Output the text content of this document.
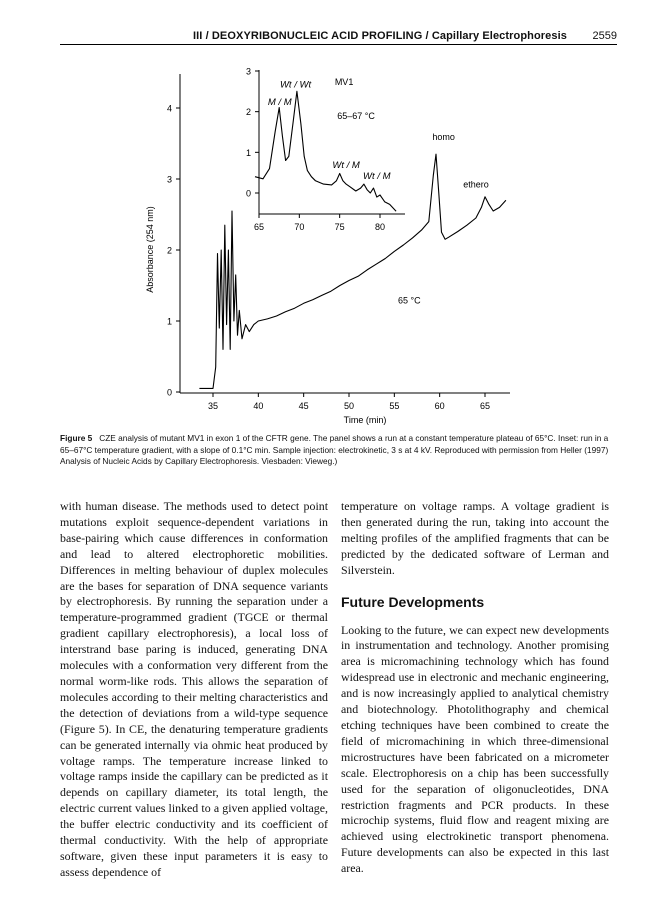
III / DEOXYRIBONUCLEIC ACID PROFILING / Capillary Electrophoresis 2559
0
1
2
3
4
35	40	45	50	55	60	65
Time (min)
Absorbance (254 nm)
homo
ethero
65 °C
0
1
2
3
65	70	75	80
Wt / Wt
M / M
MV1
65–67 °C
Wt / M
Wt / M
Figure 5 CZE analysis of mutant MV1 in exon 1 of the CFTR gene. The panel shows a run at a constant temperature plateau of 65°C. Inset: run in a 65–67°C temperature gradient, with a slope of 0.1°C min. Sample injection: electrokinetic, 3 s at 4 kV. Reproduced with permission from Heller (1997) Analysis of Nucleic Acids by Capillary Electrophoresis. Viesbaden: Vieweg.)

with human disease. The methods used to detect point mutations exploit sequence-dependent variations in base-pairing which cause differences in conformation and lead to altered electrophoretic mobilities. Differences in melting behaviour of duplex molecules are the bases for separation of DNA sequence variants by electrophoresis. By running the separation under a temperature-programmed gradient (TGCE or thermal gradient capillary electrophoresis), a local loss of interstrand base paring is induced, generating DNA molecules with a conformation very different from the normal worm-like rods. This allows the separation of molecules according to their melting characteristics and the detection of deviations from a wild-type sequence (Figure 5). In CE, the denaturing temperature gradients can be generated internally via ohmic heat produced by voltage ramps. The temperature increase linked to voltage ramps inside the capillary can be predicted as it depends on capillary diameter, its total length, the electric current values linked to a given applied voltage, the buffer electric conductivity and its coefficient of thermal conductivity. With the help of appropriate software, given these input parameters it is easy to assess dependence of

temperature on voltage ramps. A voltage gradient is then generated during the run, taking into account the melting profiles of the amplified fragments that can be predicted by the dedicated software of Lerman and Silverstein.

Future Developments

Looking to the future, we can expect new developments in instrumentation and technology. Another promising area is micromachining technology which has found widespread use in electronic and mechanic engineering, and is now increasingly applied to analytical chemistry and biotechnology. Photolithography and chemical etching techniques have been combined to create the field of micromachining in which three-dimensional microstructures have been fabricated on a micrometer scale. Electrophoresis on a chip has been successfully used for the separation of oligonucleotides, DNA restriction fragments and PCR products. In these microchip systems, fluid flow and reagent mixing are achieved using electrokinetic transport phenomena. Future developments can also be expected in this last area.
